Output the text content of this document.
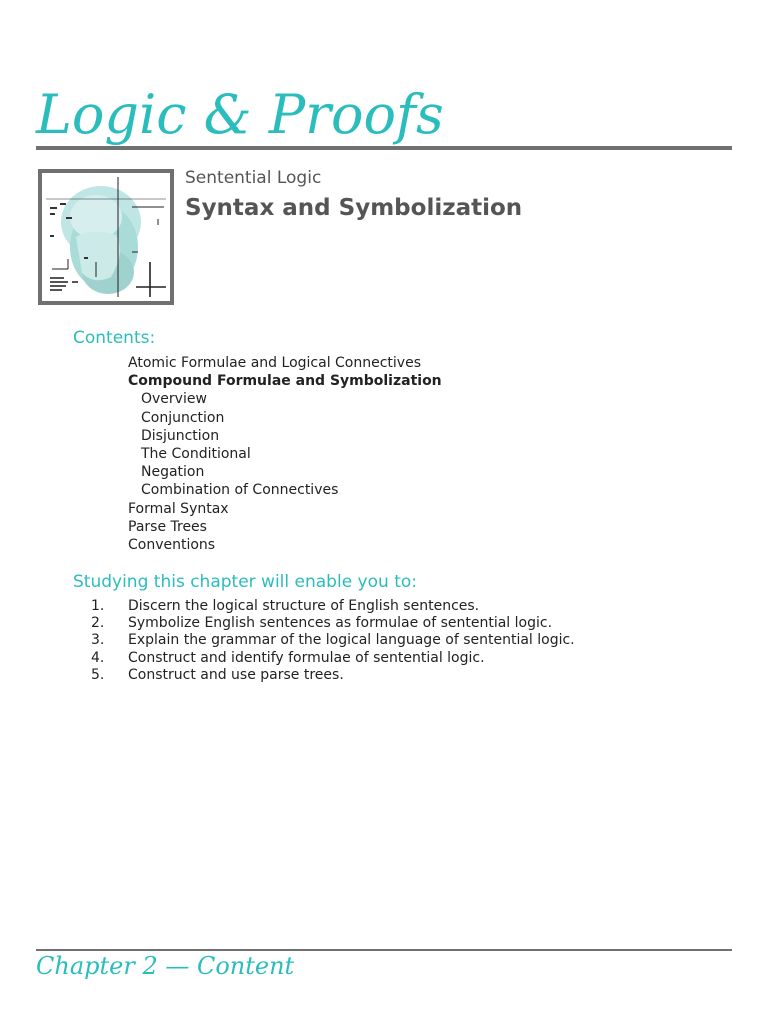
Logic & Proofs
Sentential Logic
Syntax and Symbolization
Contents:
Atomic Formulae and Logical Connectives
Compound Formulae and Symbolization
Overview
Conjunction
Disjunction
The Conditional
Negation
Combination of Connectives
Formal Syntax
Parse Trees
Conventions
Studying this chapter will enable you to:
1. Discern the logical structure of English sentences.
2. Symbolize English sentences as formulae of sentential logic.
3. Explain the grammar of the logical language of sentential logic.
4. Construct and identify formulae of sentential logic.
5. Construct and use parse trees.
Chapter 2 — Content
